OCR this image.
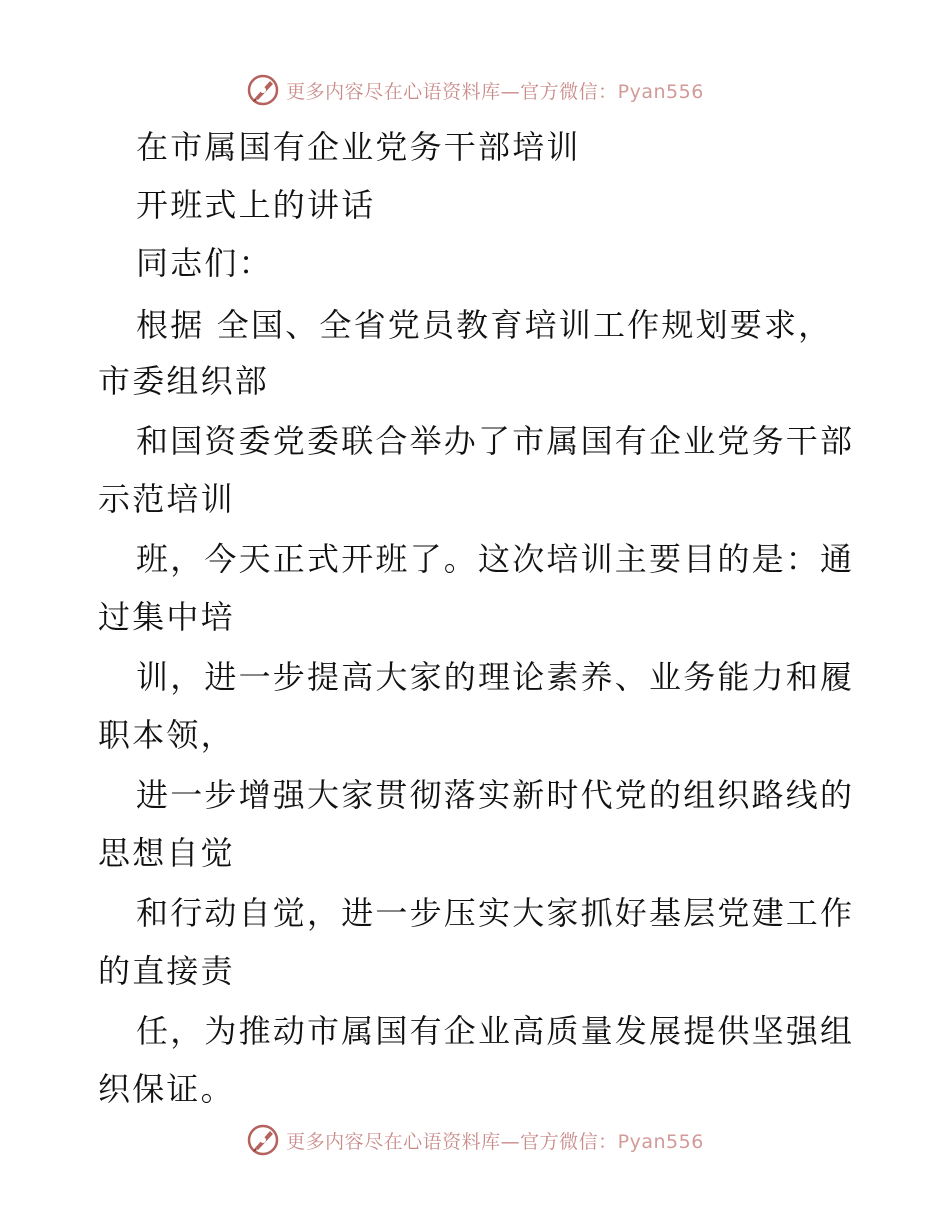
更多内容尽在心语资料库—官方微信：Pyan556
在市属国有企业党务干部培训
开班式上的讲话
同志们：
根据 全国、全省党员教育培训工作规划要求，
市委组织部
和国资委党委联合举办了市属国有企业党务干部
示范培训
班，今天正式开班了。这次培训主要目的是：通
过集中培
训，进一步提高大家的理论素养、业务能力和履
职本领，
进一步增强大家贯彻落实新时代党的组织路线的
思想自觉
和行动自觉，进一步压实大家抓好基层党建工作
的直接责
任，为推动市属国有企业高质量发展提供坚强组
织保证。
更多内容尽在心语资料库—官方微信：Pyan556
